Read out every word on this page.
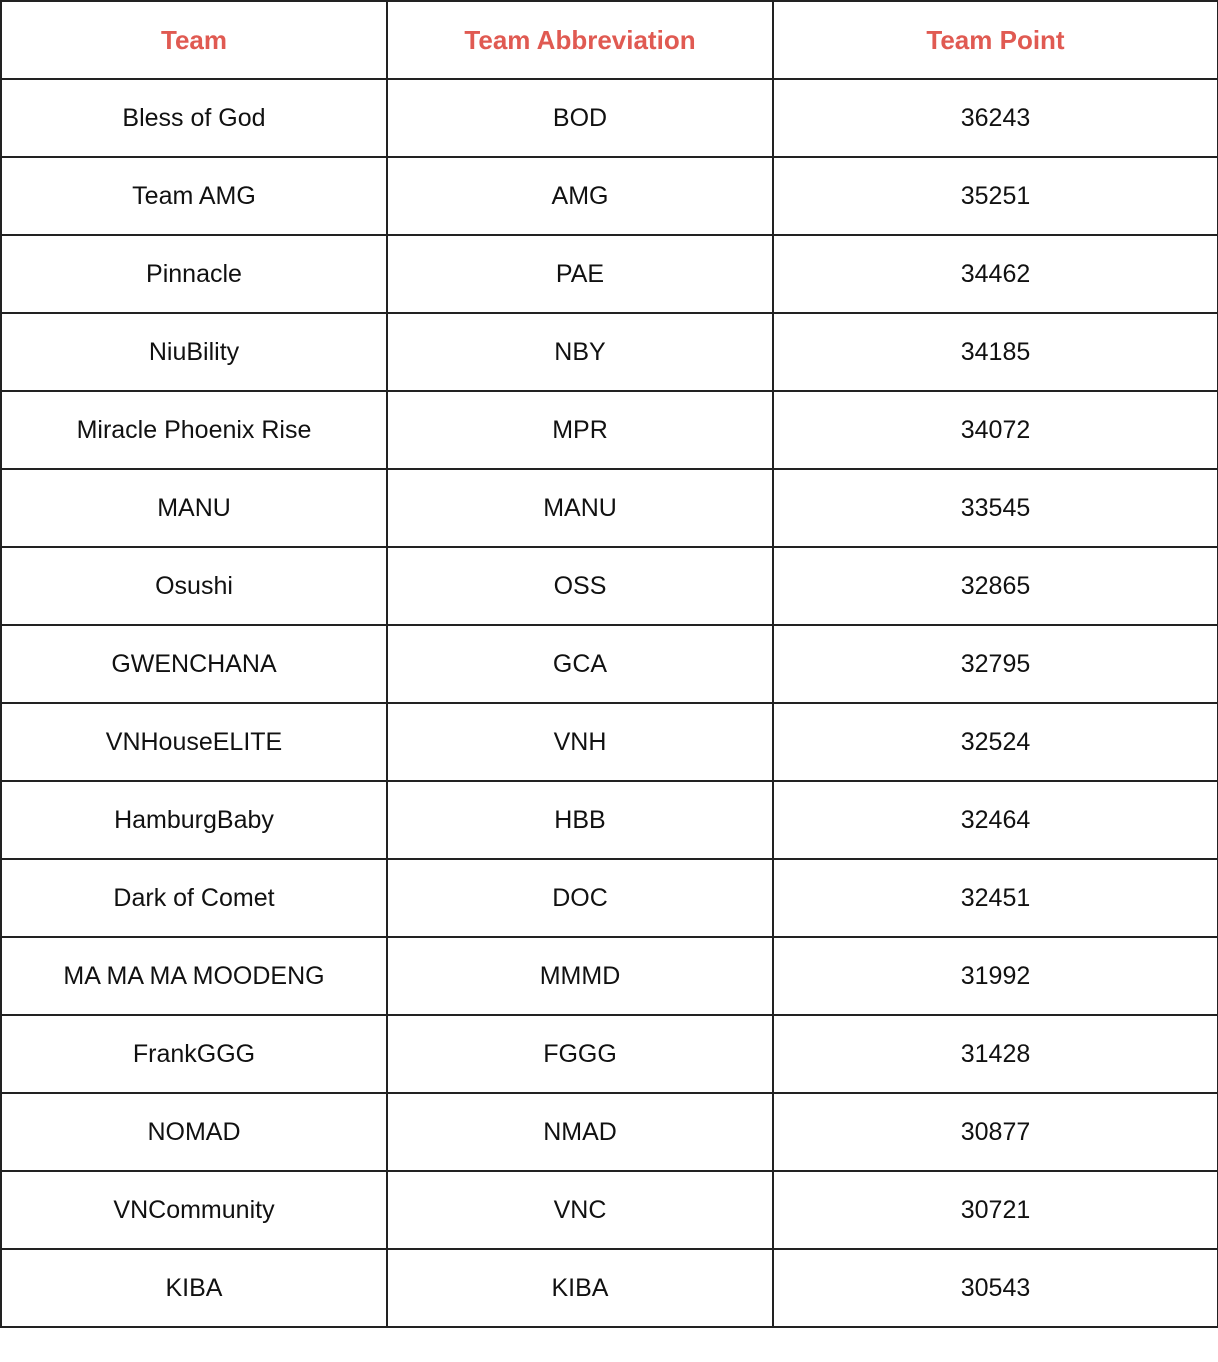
Team	Team Abbreviation	Team Point
Bless of God	BOD	36243
Team AMG	AMG	35251
Pinnacle	PAE	34462
NiuBility	NBY	34185
Miracle Phoenix Rise	MPR	34072
MANU	MANU	33545
Osushi	OSS	32865
GWENCHANA	GCA	32795
VNHouseELITE	VNH	32524
HamburgBaby	HBB	32464
Dark of Comet	DOC	32451
MA MA MA MOODENG	MMMD	31992
FrankGGG	FGGG	31428
NOMAD	NMAD	30877
VNCommunity	VNC	30721
KIBA	KIBA	30543
